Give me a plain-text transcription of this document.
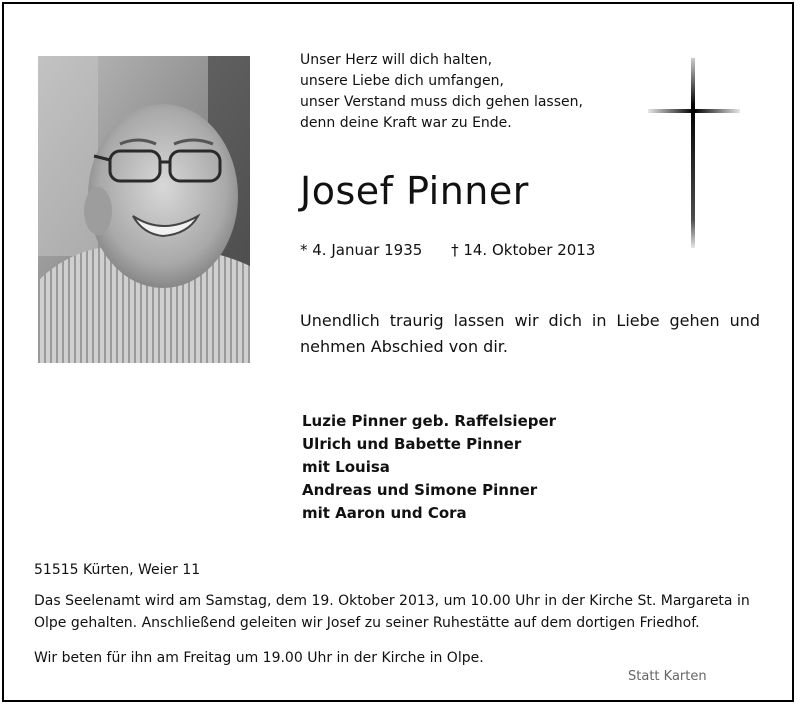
Unser Herz will dich halten,
unsere Liebe dich umfangen,
unser Verstand muss dich gehen lassen,
denn deine Kraft war zu Ende.
Josef Pinner
* 4. Januar 1935 † 14. Oktober 2013
Unendlich traurig lassen wir dich in Liebe gehen und nehmen Abschied von dir.
Luzie Pinner geb. Raffelsieper
Ulrich und Babette Pinner
mit Louisa
Andreas und Simone Pinner
mit Aaron und Cora
51515 Kürten, Weier 11
Das Seelenamt wird am Samstag, dem 19. Oktober 2013, um 10.00 Uhr in der Kirche St. Margareta in Olpe gehalten. Anschließend geleiten wir Josef zu seiner Ruhestätte auf dem dortigen Friedhof.
Wir beten für ihn am Freitag um 19.00 Uhr in der Kirche in Olpe.
Statt Karten
